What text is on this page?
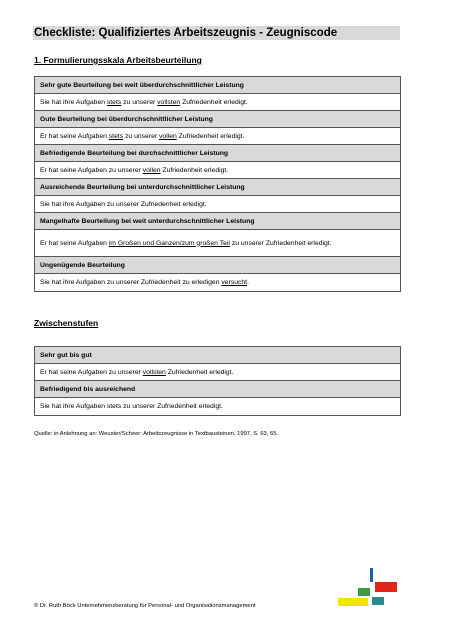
Checkliste: Qualifiziertes Arbeitszeugnis - Zeugniscode
1. Formulierungsskala Arbeitsbeurteilung
Sehr gute Beurteilung bei weit überdurchschnittlicher Leistung
Sie hat ihre Aufgaben stets zu unserer vollsten Zufriedenheit erledigt.
Gute Beurteilung bei überdurchschnittlicher Leistung
Er hat seine Aufgaben stets zu unserer vollen Zufriedenheit erledigt.
Befriedigende Beurteilung bei durchschnittlicher Leistung
Er hat seine Aufgaben zu unserer vollen Zufriedenheit erledigt.
Ausreichende Beurteilung bei unterdurchschnittlicher Leistung
Sie hat ihre Aufgaben zu unserer Zufriedenheit erledigt.
Mangelhafte Beurteilung bei weit unterdurchschnittlicher Leistung
Er hat seine Aufgaben im Großen und Ganzen/zum großen Teil zu unserer Zufriedenheit erledigt.
Ungenügende Beurteilung
Sie hat ihre Aufgaben zu unserer Zufriedenheit zu erledigen versucht.
Zwischenstufen
Sehr gut bis gut
Er hat seine Aufgaben zu unserer vollsten Zufriedenheit erledigt.
Befriedigend bis ausreichend
Sie hat ihre Aufgaben stets zu unserer Zufriedenheit erledigt.
Quelle: in Anlehnung an: Weuster/Scheer: Arbeitszeugnisse in Textbausteinen, 1997, S. 63, 65.
© Dr. Ruth Böck Unternehmensberatung für Personal- und Organisationsmanagement
